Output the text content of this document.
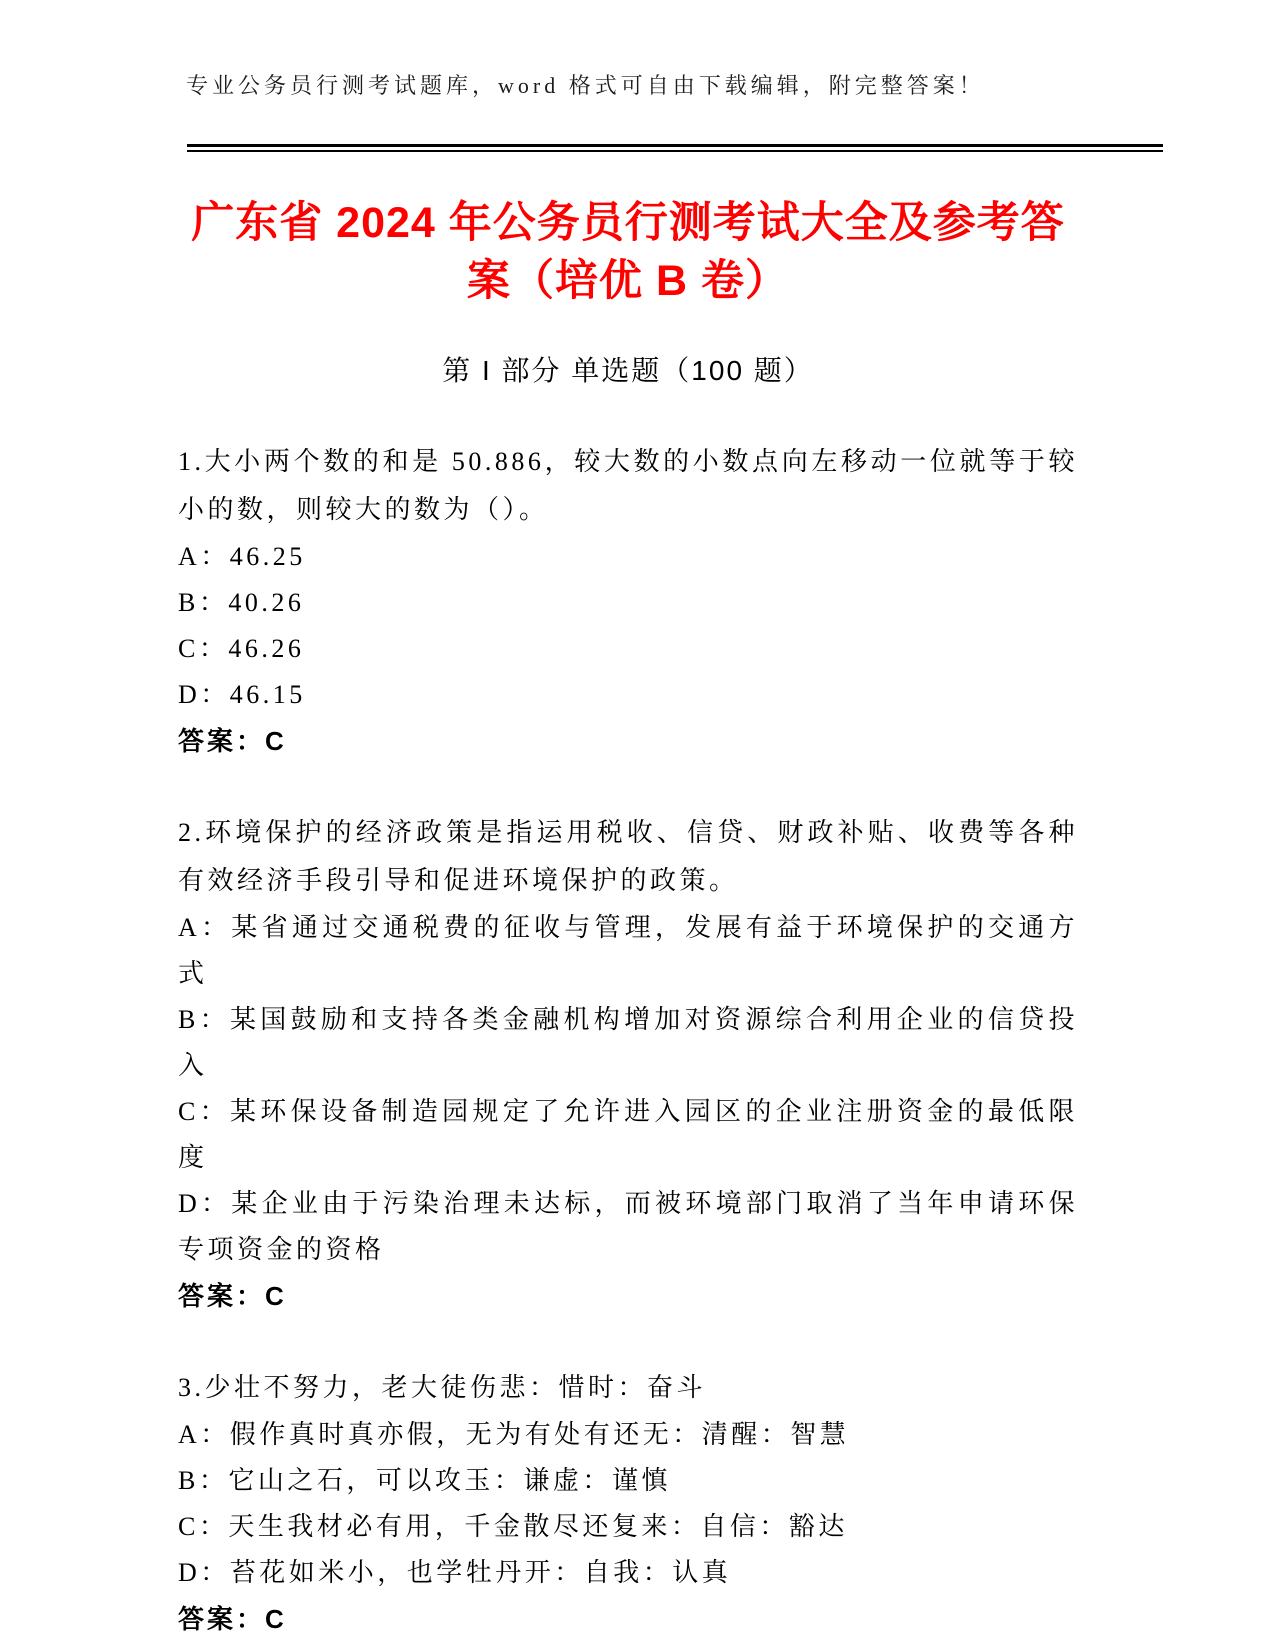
专业公务员行测考试题库，word 格式可自由下载编辑，附完整答案！
广东省 2024 年公务员行测考试大全及参考答案（培优 B 卷）
第 I 部分 单选题（100 题）

1.大小两个数的和是 50.886，较大数的小数点向左移动一位就等于较小的数，则较大的数为（）。

A：46.25

B：40.26

C：46.26

D：46.15

答案：C

2.环境保护的经济政策是指运用税收、信贷、财政补贴、收费等各种有效经济手段引导和促进环境保护的政策。

A：某省通过交通税费的征收与管理，发展有益于环境保护的交通方式

B：某国鼓励和支持各类金融机构增加对资源综合利用企业的信贷投入

C：某环保设备制造园规定了允许进入园区的企业注册资金的最低限度

D：某企业由于污染治理未达标，而被环境部门取消了当年申请环保专项资金的资格

答案：C

3.少壮不努力，老大徒伤悲：惜时：奋斗

A：假作真时真亦假，无为有处有还无：清醒：智慧

B：它山之石，可以攻玉：谦虚：谨慎

C：天生我材必有用，千金散尽还复来：自信：豁达

D：苔花如米小，也学牡丹开：自我：认真

答案：C
